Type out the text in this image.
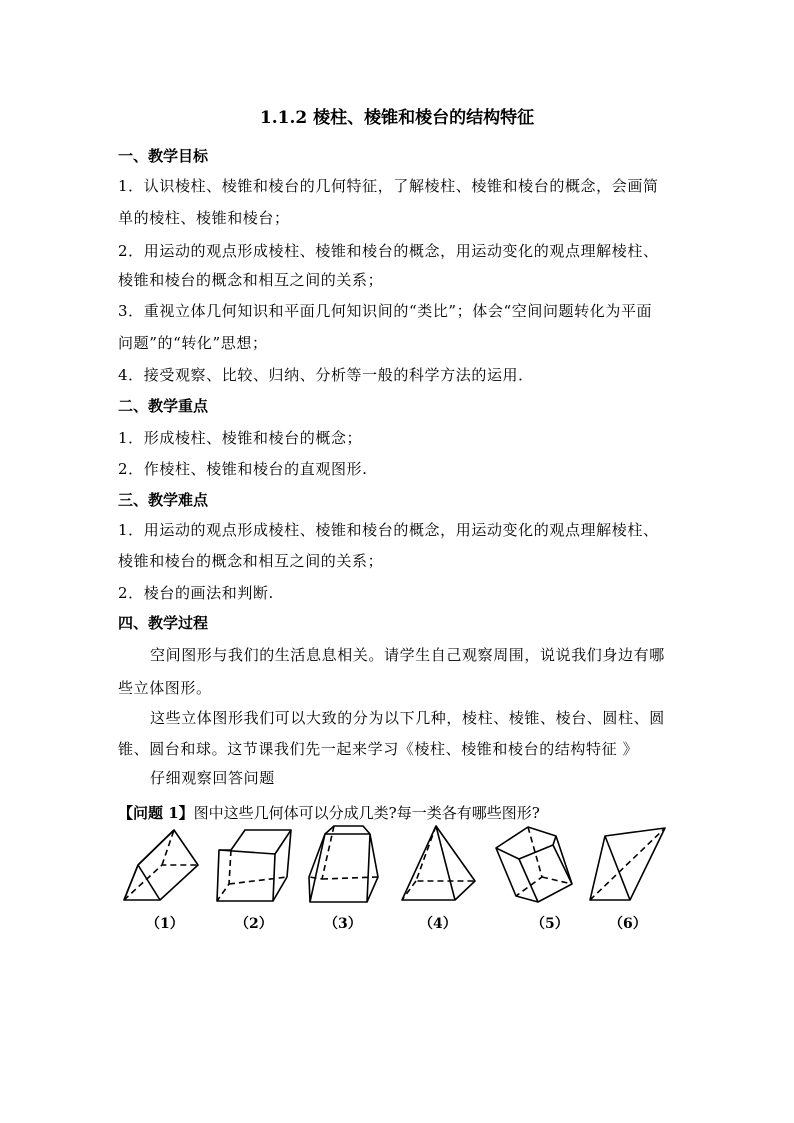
1.1.2 棱柱、棱锥和棱台的结构特征
一、教学目标
1．认识棱柱、棱锥和棱台的几何特征，了解棱柱、棱锥和棱台的概念，会画简
单的棱柱、棱锥和棱台；
2．用运动的观点形成棱柱、棱锥和棱台的概念，用运动变化的观点理解棱柱、
棱锥和棱台的概念和相互之间的关系；
3．重视立体几何知识和平面几何知识间的“类比”；体会“空间问题转化为平面
问题”的“转化”思想；
4．接受观察、比较、归纳、分析等一般的科学方法的运用．
二、教学重点
1．形成棱柱、棱锥和棱台的概念；
2．作棱柱、棱锥和棱台的直观图形.
三、教学难点
1．用运动的观点形成棱柱、棱锥和棱台的概念，用运动变化的观点理解棱柱、
棱锥和棱台的概念和相互之间的关系；
2．棱台的画法和判断.
四、教学过程
空间图形与我们的生活息息相关。请学生自己观察周围，说说我们身边有哪
些立体图形。
这些立体图形我们可以大致的分为以下几种，棱柱、棱锥、棱台、圆柱、圆
锥、圆台和球。这节课我们先一起来学习《棱柱、棱锥和棱台的结构特征 》
仔细观察回答问题
【问题 1】图中这些几何体可以分成几类?每一类各有哪些图形?
（1）	（2）	（3）	（4）	（5）	（6）
